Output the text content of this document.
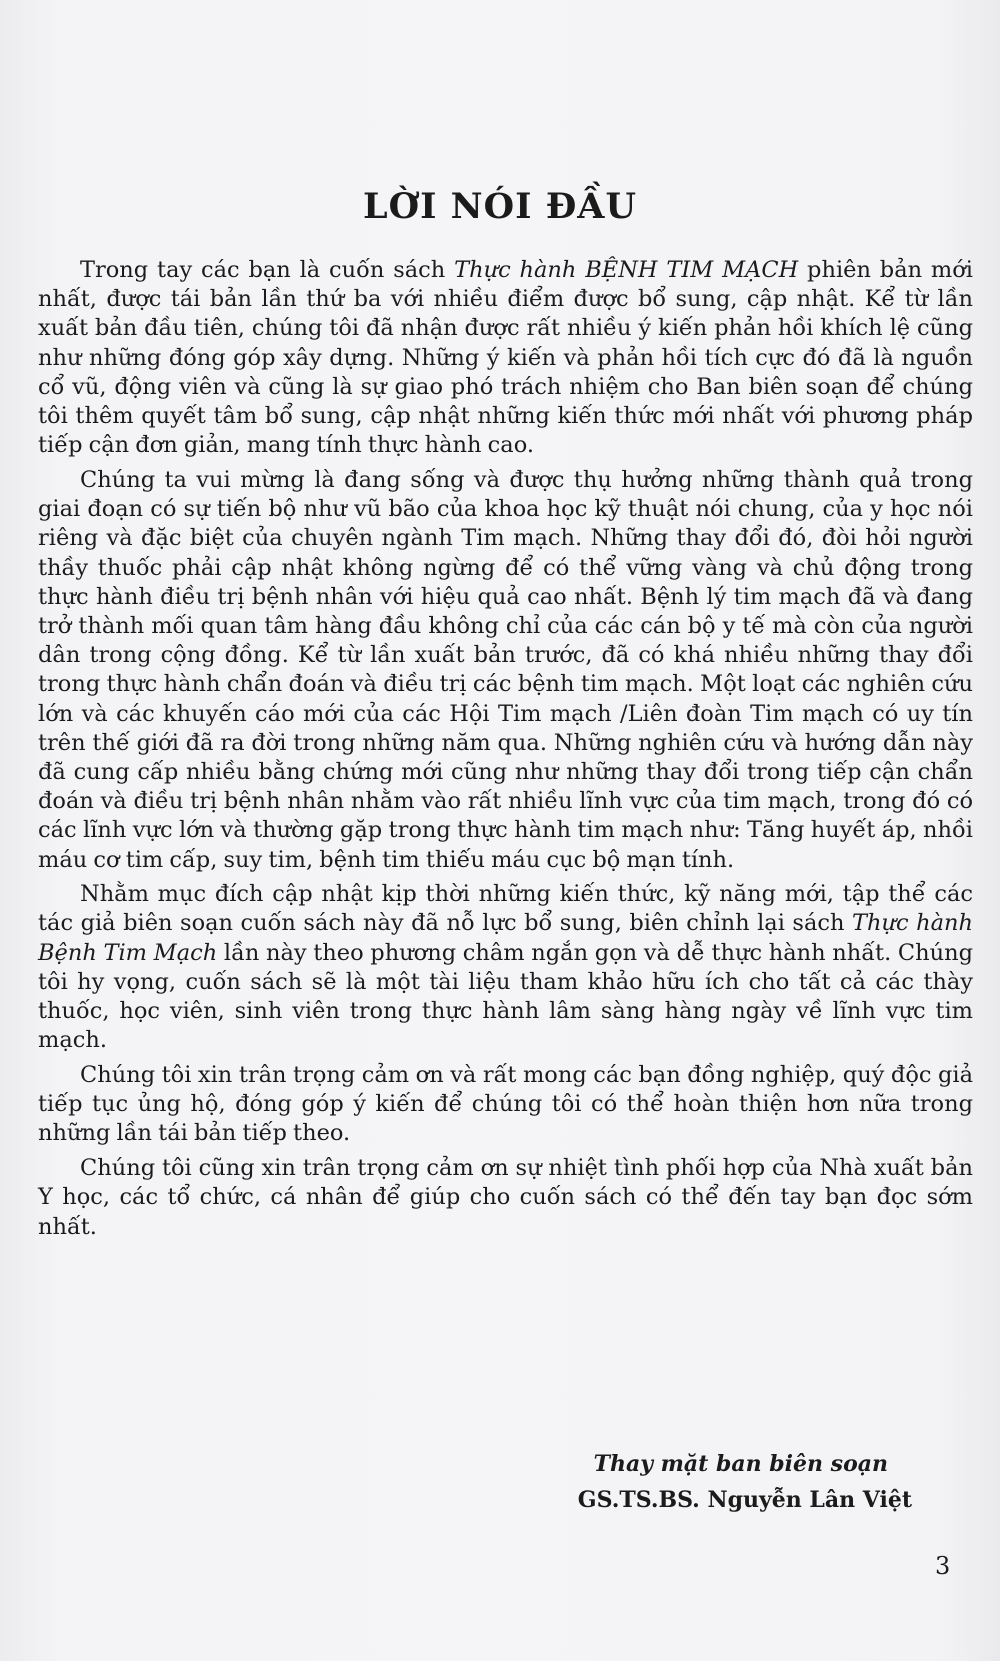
LỜI NÓI ĐẦU

Trong tay các bạn là cuốn sách Thực hành BỆNH TIM MẠCH phiên bản mới nhất, được tái bản lần thứ ba với nhiều điểm được bổ sung, cập nhật. Kể từ lần xuất bản đầu tiên, chúng tôi đã nhận được rất nhiều ý kiến phản hồi khích lệ cũng như những đóng góp xây dựng. Những ý kiến và phản hồi tích cực đó đã là nguồn cổ vũ, động viên và cũng là sự giao phó trách nhiệm cho Ban biên soạn để chúng tôi thêm quyết tâm bổ sung, cập nhật những kiến thức mới nhất với phương pháp tiếp cận đơn giản, mang tính thực hành cao.

Chúng ta vui mừng là đang sống và được thụ hưởng những thành quả trong giai đoạn có sự tiến bộ như vũ bão của khoa học kỹ thuật nói chung, của y học nói riêng và đặc biệt của chuyên ngành Tim mạch. Những thay đổi đó, đòi hỏi người thầy thuốc phải cập nhật không ngừng để có thể vững vàng và chủ động trong thực hành điều trị bệnh nhân với hiệu quả cao nhất. Bệnh lý tim mạch đã và đang trở thành mối quan tâm hàng đầu không chỉ của các cán bộ y tế mà còn của người dân trong cộng đồng. Kể từ lần xuất bản trước, đã có khá nhiều những thay đổi trong thực hành chẩn đoán và điều trị các bệnh tim mạch. Một loạt các nghiên cứu lớn và các khuyến cáo mới của các Hội Tim mạch /Liên đoàn Tim mạch có uy tín trên thế giới đã ra đời trong những năm qua. Những nghiên cứu và hướng dẫn này đã cung cấp nhiều bằng chứng mới cũng như những thay đổi trong tiếp cận chẩn đoán và điều trị bệnh nhân nhằm vào rất nhiều lĩnh vực của tim mạch, trong đó có các lĩnh vực lớn và thường gặp trong thực hành tim mạch như: Tăng huyết áp, nhồi máu cơ tim cấp, suy tim, bệnh tim thiếu máu cục bộ mạn tính.

Nhằm mục đích cập nhật kịp thời những kiến thức, kỹ năng mới, tập thể các tác giả biên soạn cuốn sách này đã nỗ lực bổ sung, biên chỉnh lại sách Thực hành Bệnh Tim Mạch lần này theo phương châm ngắn gọn và dễ thực hành nhất. Chúng tôi hy vọng, cuốn sách sẽ là một tài liệu tham khảo hữu ích cho tất cả các thày thuốc, học viên, sinh viên trong thực hành lâm sàng hàng ngày về lĩnh vực tim mạch.

Chúng tôi xin trân trọng cảm ơn và rất mong các bạn đồng nghiệp, quý độc giả tiếp tục ủng hộ, đóng góp ý kiến để chúng tôi có thể hoàn thiện hơn nữa trong những lần tái bản tiếp theo.

Chúng tôi cũng xin trân trọng cảm ơn sự nhiệt tình phối hợp của Nhà xuất bản Y học, các tổ chức, cá nhân để giúp cho cuốn sách có thể đến tay bạn đọc sớm nhất.

Thay mặt ban biên soạn
GS.TS.BS. Nguyễn Lân Việt
3
